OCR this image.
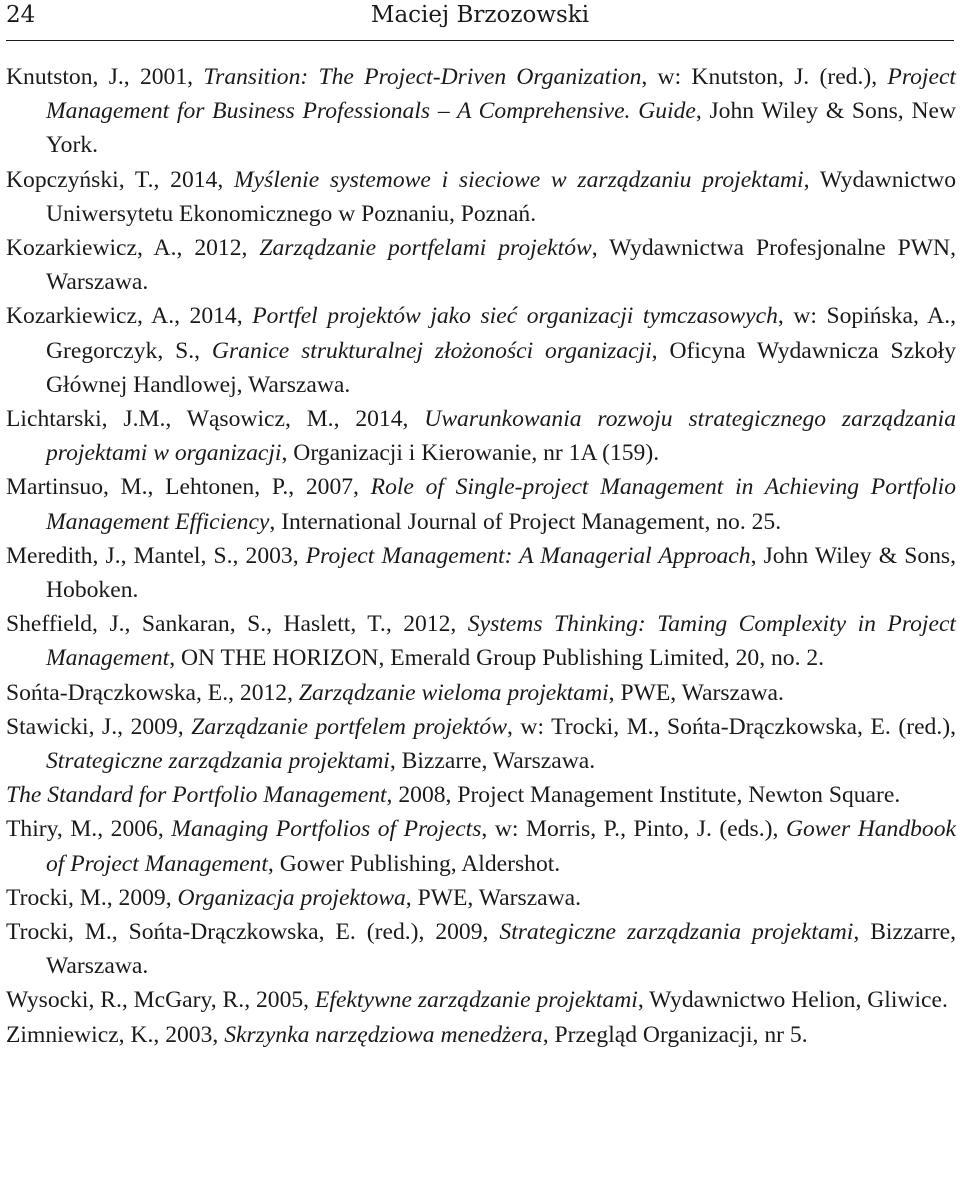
24	Maciej Brzozowski

Knutston, J., 2001, Transition: The Project-Driven Organization, w: Knutston, J. (red.), Project Management for Business Professionals – A Comprehensive. Guide, John Wiley & Sons, New York.

Kopczyński, T., 2014, Myślenie systemowe i sieciowe w zarządzaniu projektami, Wydawnictwo Uniwersytetu Ekonomicznego w Poznaniu, Poznań.

Kozarkiewicz, A., 2012, Zarządzanie portfelami projektów, Wydawnictwa Profesjonalne PWN, Warszawa.

Kozarkiewicz, A., 2014, Portfel projektów jako sieć organizacji tymczasowych, w: Sopińska, A., Gregorczyk, S., Granice strukturalnej złożoności organizacji, Oficyna Wydawnicza Szkoły Głównej Handlowej, Warszawa.

Lichtarski, J.M., Wąsowicz, M., 2014, Uwarunkowania rozwoju strategicznego zarządzania projektami w organizacji, Organizacji i Kierowanie, nr 1A (159).

Martinsuo, M., Lehtonen, P., 2007, Role of Single-project Management in Achieving Portfolio Management Efficiency, International Journal of Project Management, no. 25.

Meredith, J., Mantel, S., 2003, Project Management: A Managerial Approach, John Wiley & Sons, Hoboken.

Sheffield, J., Sankaran, S., Haslett, T., 2012, Systems Thinking: Taming Complexity in Project Management, ON THE HORIZON, Emerald Group Publishing Limited, 20, no. 2.

Sońta-Drączkowska, E., 2012, Zarządzanie wieloma projektami, PWE, Warszawa.

Stawicki, J., 2009, Zarządzanie portfelem projektów, w: Trocki, M., Sońta-Drączkowska, E. (red.), Strategiczne zarządzania projektami, Bizzarre, Warszawa.

The Standard for Portfolio Management, 2008, Project Management Institute, Newton Square.

Thiry, M., 2006, Managing Portfolios of Projects, w: Morris, P., Pinto, J. (eds.), Gower Handbook of Project Management, Gower Publishing, Aldershot.

Trocki, M., 2009, Organizacja projektowa, PWE, Warszawa.

Trocki, M., Sońta-Drączkowska, E. (red.), 2009, Strategiczne zarządzania projektami, Bizzarre, Warszawa.

Wysocki, R., McGary, R., 2005, Efektywne zarządzanie projektami, Wydawnictwo Helion, Gliwice.

Zimniewicz, K., 2003, Skrzynka narzędziowa menedżera, Przegląd Organizacji, nr 5.
